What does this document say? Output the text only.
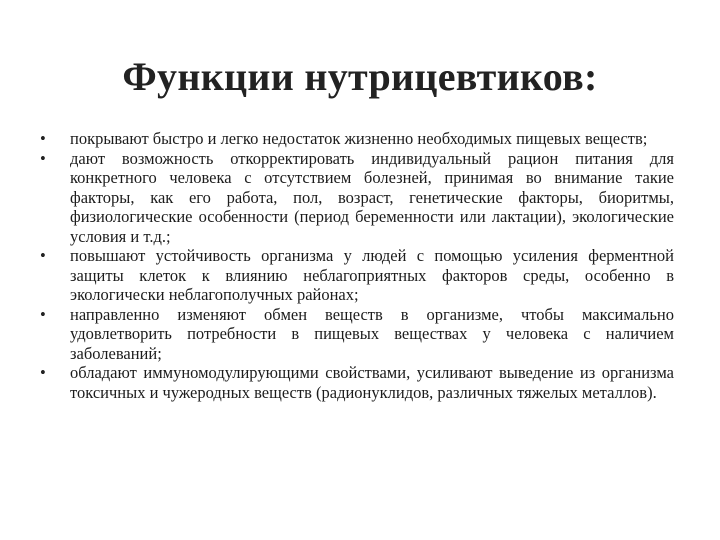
Функции нутрицевтиков:
•	покрывают быстро и легко недостаток жизненно необходимых пищевых веществ;
•	дают возможность откорректировать индивидуальный рацион питания для конкретного человека с отсутствием болезней, принимая во внимание такие факторы, как его работа, пол, возраст, генетические факторы, биоритмы, физиологические особенности (период беременности или лактации), экологические условия и т.д.;
•	повышают устойчивость организма у людей с помощью усиления ферментной защиты клеток к влиянию неблагоприятных факторов среды, особенно в экологически неблагополучных районах;
•	направленно изменяют обмен веществ в организме, чтобы максимально удовлетворить потребности в пищевых веществах у человека с наличием заболеваний;
•	обладают иммуномодулирующими свойствами, усиливают выведение из организма токсичных и чужеродных веществ (радионуклидов, различных тяжелых металлов).
